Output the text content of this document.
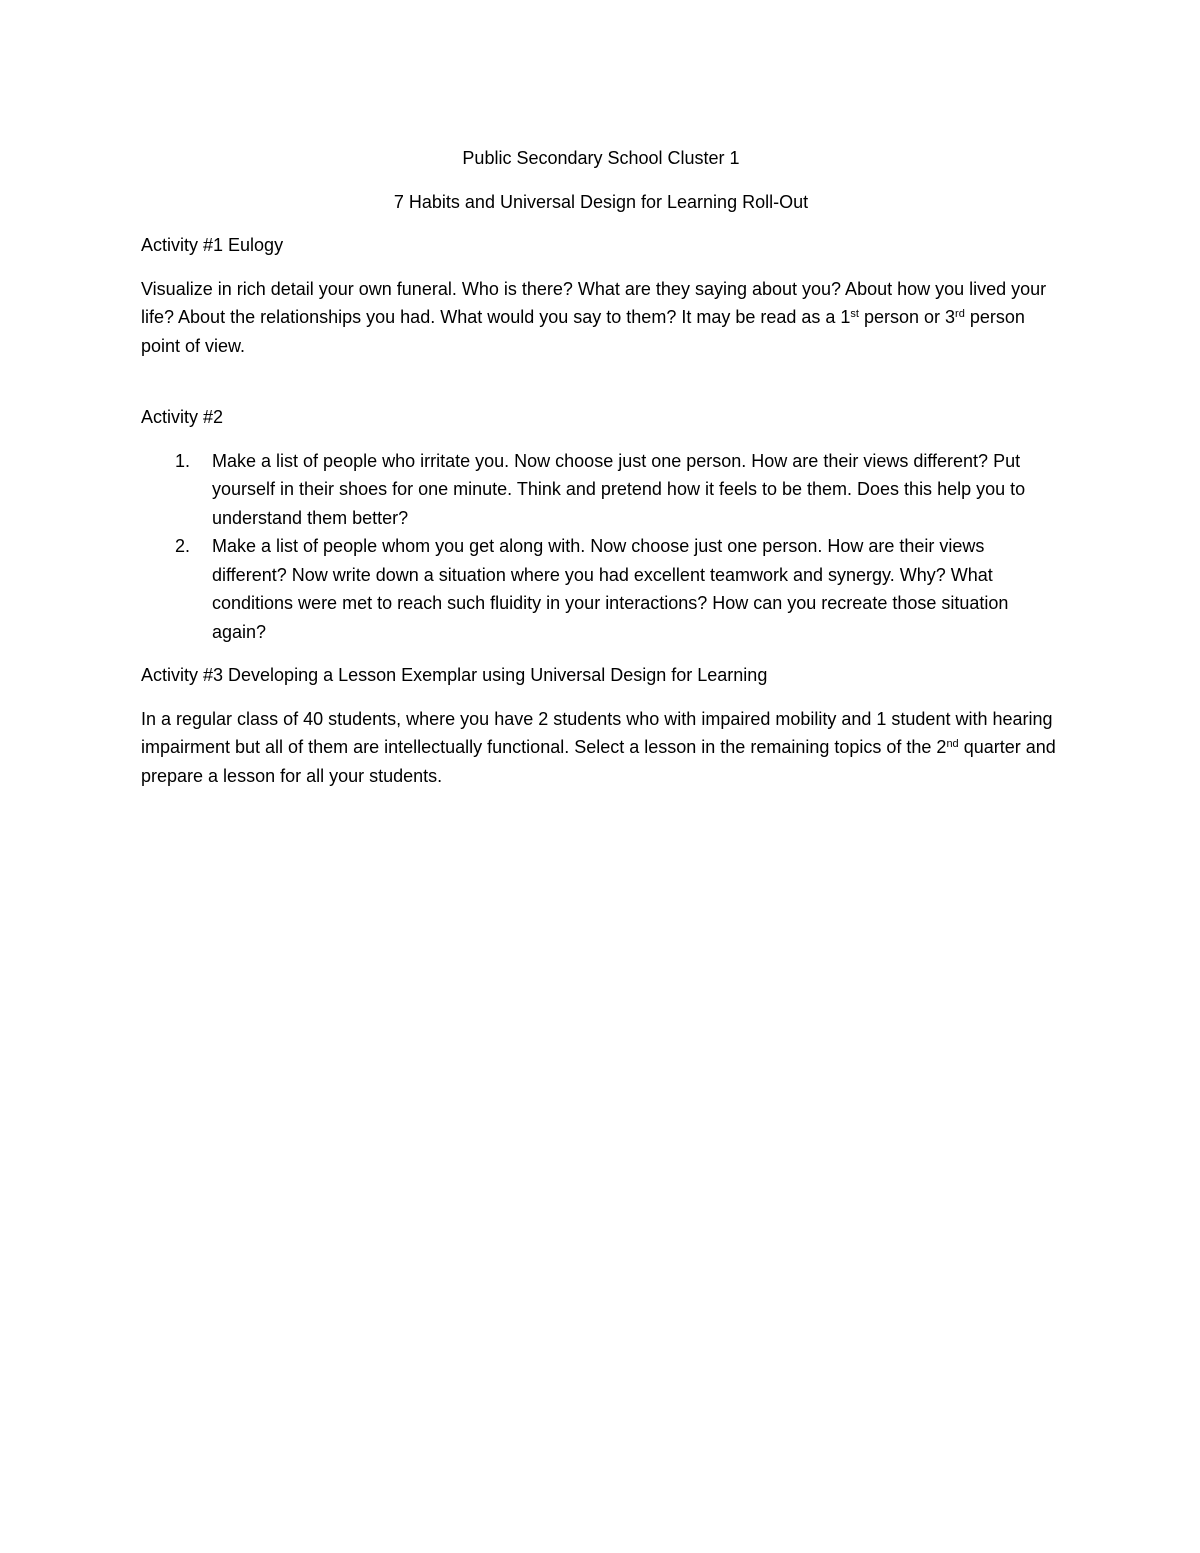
Public Secondary School Cluster 1
7 Habits and Universal Design for Learning Roll-Out
Activity #1 Eulogy
Visualize in rich detail your own funeral. Who is there? What are they saying about you? About how you lived your life? About the relationships you had. What would you say to them? It may be read as a 1st person or 3rd person point of view.
Activity #2
1. Make a list of people who irritate you. Now choose just one person. How are their views different? Put yourself in their shoes for one minute. Think and pretend how it feels to be them. Does this help you to understand them better?
2. Make a list of people whom you get along with. Now choose just one person. How are their views different? Now write down a situation where you had excellent teamwork and synergy. Why? What conditions were met to reach such fluidity in your interactions? How can you recreate those situation again?
Activity #3 Developing a Lesson Exemplar using Universal Design for Learning
In a regular class of 40 students, where you have 2 students who with impaired mobility and 1 student with hearing impairment but all of them are intellectually functional. Select a lesson in the remaining topics of the 2nd quarter and prepare a lesson for all your students.
